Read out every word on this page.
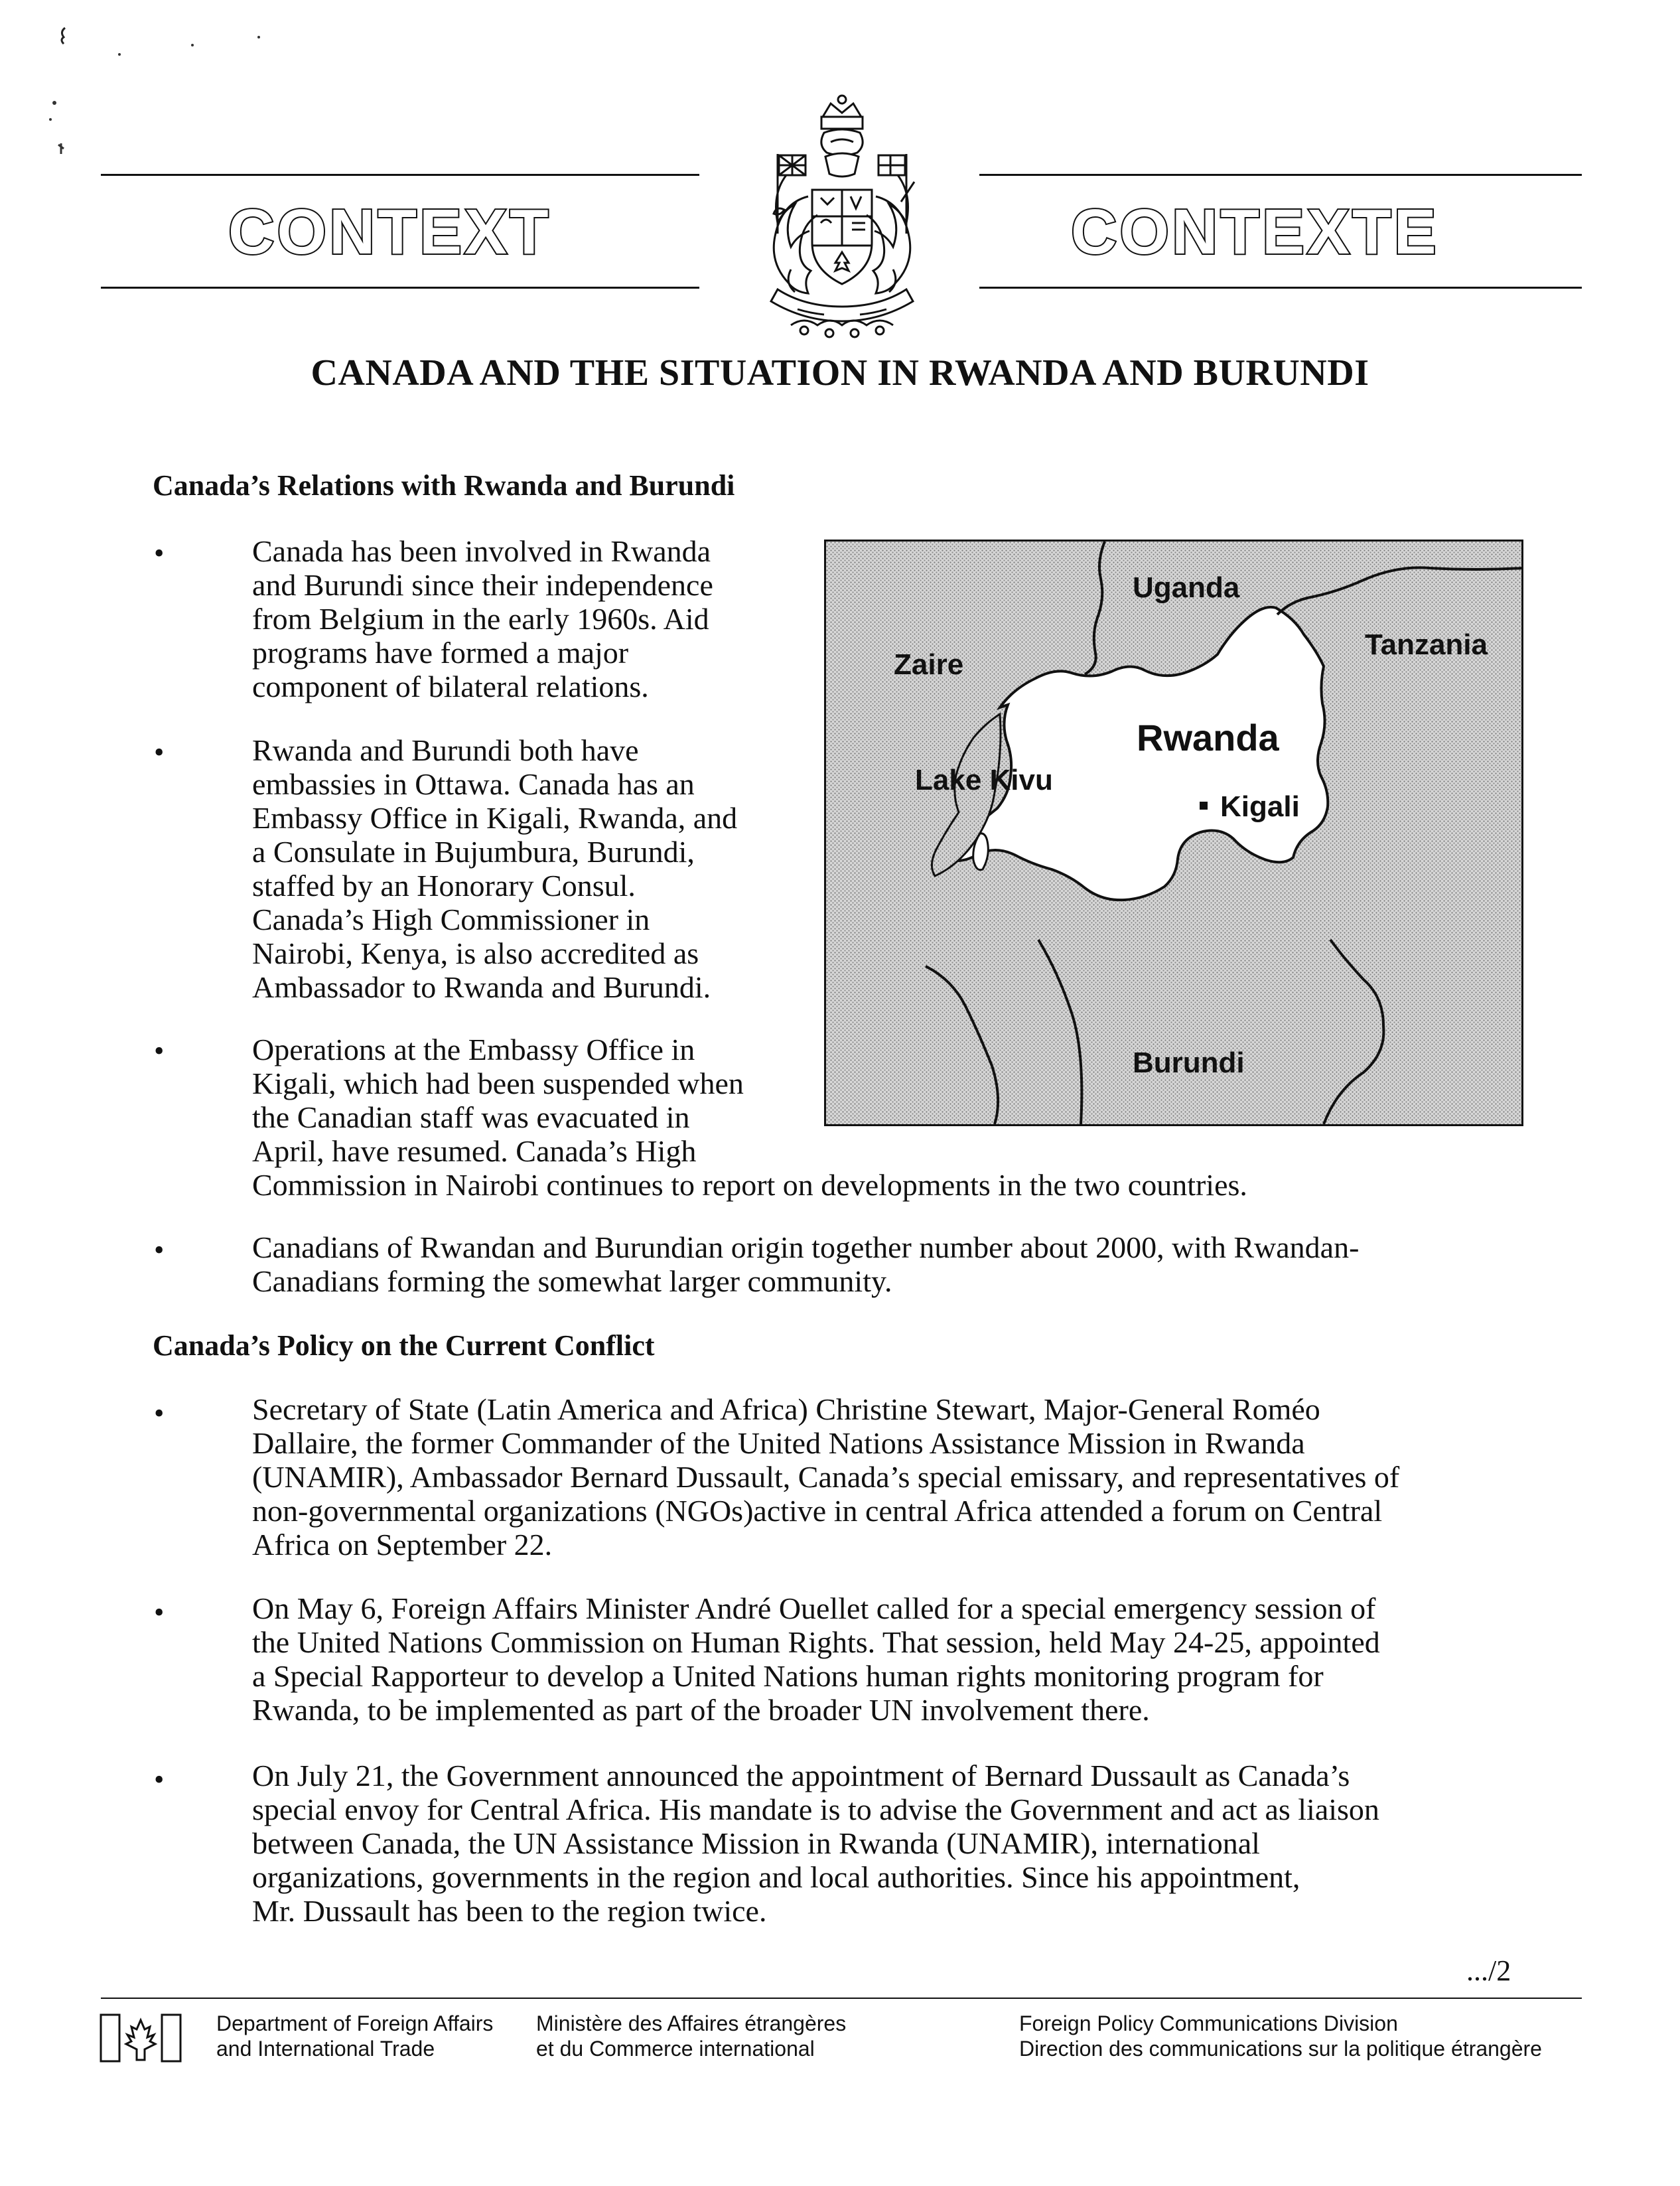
CONTEXT	CONTEXTE
CANADA AND THE SITUATION IN RWANDA AND BURUNDI
Canada’s Relations with Rwanda and Burundi
•	Canada has been involved in Rwanda
and Burundi since their independence
from Belgium in the early 1960s. Aid
programs have formed a major
component of bilateral relations.
•	Rwanda and Burundi both have
embassies in Ottawa. Canada has an
Embassy Office in Kigali, Rwanda, and
a Consulate in Bujumbura, Burundi,
staffed by an Honorary Consul.
Canada’s High Commissioner in
Nairobi, Kenya, is also accredited as
Ambassador to Rwanda and Burundi.
•	Operations at the Embassy Office in
Kigali, which had been suspended when
the Canadian staff was evacuated in
April, have resumed. Canada’s High
Commission in Nairobi continues to report on developments in the two countries.
•	Canadians of Rwandan and Burundian origin together number about 2000, with Rwandan-
Canadians forming the somewhat larger community.
Uganda
Tanzania
Zaire
Rwanda
Lake Kivu
Kigali
Burundi
Canada’s Policy on the Current Conflict
•	Secretary of State (Latin America and Africa) Christine Stewart, Major-General Roméo
Dallaire, the former Commander of the United Nations Assistance Mission in Rwanda
(UNAMIR), Ambassador Bernard Dussault, Canada’s special emissary, and representatives of
non-governmental organizations (NGOs)active in central Africa attended a forum on Central
Africa on September 22.
•	On May 6, Foreign Affairs Minister André Ouellet called for a special emergency session of
the United Nations Commission on Human Rights. That session, held May 24-25, appointed
a Special Rapporteur to develop a United Nations human rights monitoring program for
Rwanda, to be implemented as part of the broader UN involvement there.
•	On July 21, the Government announced the appointment of Bernard Dussault as Canada’s
special envoy for Central Africa. His mandate is to advise the Government and act as liaison
between Canada, the UN Assistance Mission in Rwanda (UNAMIR), international
organizations, governments in the region and local authorities. Since his appointment,
Mr. Dussault has been to the region twice.
.../2
Department of Foreign Affairs
and International Trade
Ministère des Affaires étrangères
et du Commerce international
Foreign Policy Communications Division
Direction des communications sur la politique étrangère
